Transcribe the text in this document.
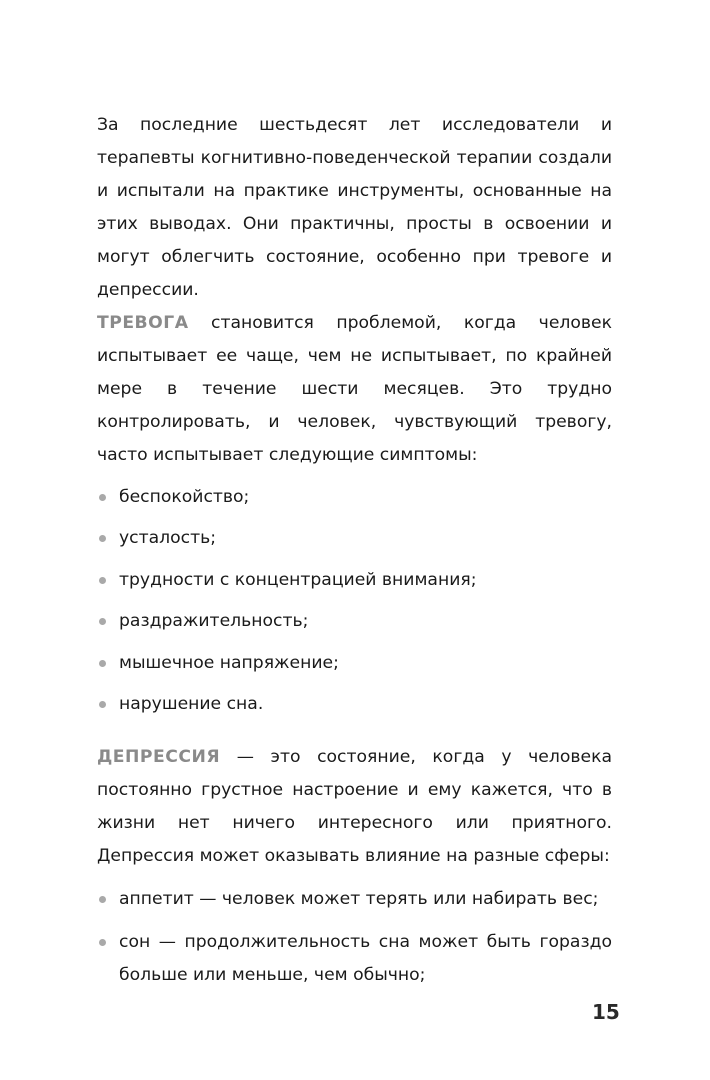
За последние шестьдесят лет исследователи и терапевты когнитивно-поведенческой терапии создали и испытали на практике инструменты, основанные на этих выводах. Они практичны, просты в освоении и могут облегчить состояние, особенно при тревоге и депрессии.

ТРЕВОГА становится проблемой, когда человек испытывает ее чаще, чем не испытывает, по крайней мере в течение шести месяцев. Это трудно контролировать, и человек, чувствующий тревогу, часто испытывает следующие симптомы:

беспокойство;
усталость;
трудности с концентрацией внимания;
раздражительность;
мышечное напряжение;
нарушение сна.

ДЕПРЕССИЯ — это состояние, когда у человека постоянно грустное настроение и ему кажется, что в жизни нет ничего интересного или приятного. Депрессия может оказывать влияние на разные сферы:

аппетит — человек может терять или набирать вес;
сон — продолжительность сна может быть гораздо больше или меньше, чем обычно;
15
